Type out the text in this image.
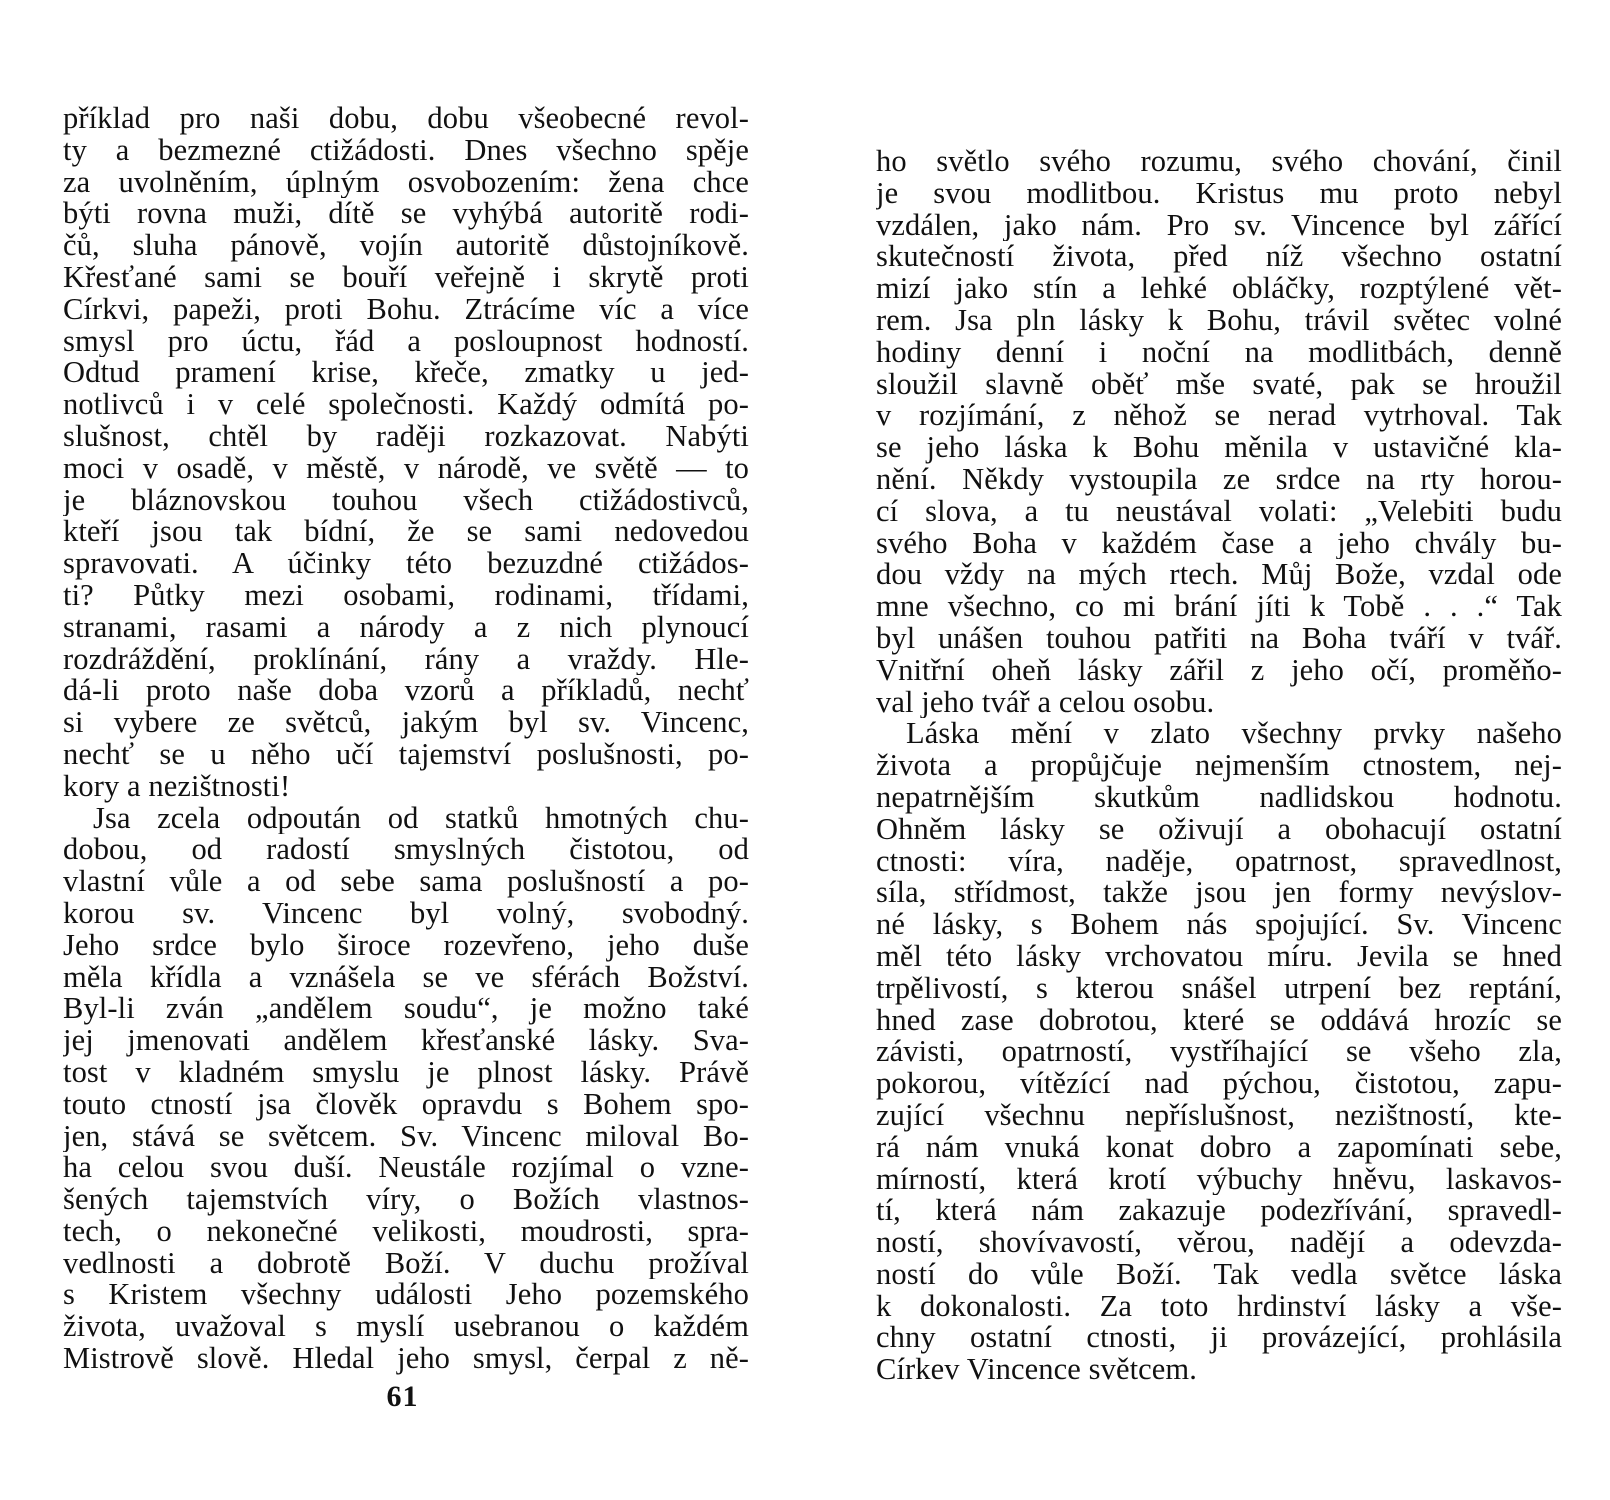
příklad pro naši dobu, dobu všeobecné revol-
ty a bezmezné ctižádosti. Dnes všechno spěje
za uvolněním, úplným osvobozením: žena chce
býti rovna muži, dítě se vyhýbá autoritě rodi-
čů, sluha pánově, vojín autoritě důstojníkově.
Křesťané sami se bouří veřejně i skrytě proti
Církvi, papeži, proti Bohu. Ztrácíme víc a více
smysl pro úctu, řád a posloupnost hodností.
Odtud pramení krise, křeče, zmatky u jed-
notlivců i v celé společnosti. Každý odmítá po-
slušnost, chtěl by raději rozkazovat. Nabýti
moci v osadě, v městě, v národě, ve světě — to
je bláznovskou touhou všech ctižádostivců,
kteří jsou tak bídní, že se sami nedovedou
spravovati. A účinky této bezuzdné ctižádos-
ti? Půtky mezi osobami, rodinami, třídami,
stranami, rasami a národy a z nich plynoucí
rozdráždění, proklínání, rány a vraždy. Hle-
dá-li proto naše doba vzorů a příkladů, nechť
si vybere ze světců, jakým byl sv. Vincenc,
nechť se u něho učí tajemství poslušnosti, po-
kory a nezištnosti!
Jsa zcela odpoután od statků hmotných chu-
dobou, od radostí smyslných čistotou, od
vlastní vůle a od sebe sama poslušností a po-
korou sv. Vincenc byl volný, svobodný.
Jeho srdce bylo široce rozevřeno, jeho duše
měla křídla a vznášela se ve sférách Božství.
Byl-li zván „andělem soudu“, je možno také
jej jmenovati andělem křesťanské lásky. Sva-
tost v kladném smyslu je plnost lásky. Právě
touto ctností jsa člověk opravdu s Bohem spo-
jen, stává se světcem. Sv. Vincenc miloval Bo-
ha celou svou duší. Neustále rozjímal o vzne-
šených tajemstvích víry, o Božích vlastnos-
tech, o nekonečné velikosti, moudrosti, spra-
vedlnosti a dobrotě Boží. V duchu prožíval
s Kristem všechny události Jeho pozemského
života, uvažoval s myslí usebranou o každém
Mistrově slově. Hledal jeho smysl, čerpal z ně-
61
ho světlo svého rozumu, svého chování, činil
je svou modlitbou. Kristus mu proto nebyl
vzdálen, jako nám. Pro sv. Vincence byl zářící
skutečností života, před níž všechno ostatní
mizí jako stín a lehké obláčky, rozptýlené vět-
rem. Jsa pln lásky k Bohu, trávil světec volné
hodiny denní i noční na modlitbách, denně
sloužil slavně oběť mše svaté, pak se hroužil
v rozjímání, z něhož se nerad vytrhoval. Tak
se jeho láska k Bohu měnila v ustavičné kla-
nění. Někdy vystoupila ze srdce na rty horou-
cí slova, a tu neustával volati: „Velebiti budu
svého Boha v každém čase a jeho chvály bu-
dou vždy na mých rtech. Můj Bože, vzdal ode
mne všechno, co mi brání jíti k Tobě . . .“ Tak
byl unášen touhou patřiti na Boha tváří v tvář.
Vnitřní oheň lásky zářil z jeho očí, proměňo-
val jeho tvář a celou osobu.
Láska mění v zlato všechny prvky našeho
života a propůjčuje nejmenším ctnostem, nej-
nepatrnějším skutkům nadlidskou hodnotu.
Ohněm lásky se oživují a obohacují ostatní
ctnosti: víra, naděje, opatrnost, spravedlnost,
síla, střídmost, takže jsou jen formy nevýslov-
né lásky, s Bohem nás spojující. Sv. Vincenc
měl této lásky vrchovatou míru. Jevila se hned
trpělivostí, s kterou snášel utrpení bez reptání,
hned zase dobrotou, které se oddává hrozíc se
závisti, opatrností, vystříhající se všeho zla,
pokorou, vítězící nad pýchou, čistotou, zapu-
zující všechnu nepříslušnost, nezištností, kte-
rá nám vnuká konat dobro a zapomínati sebe,
mírností, která krotí výbuchy hněvu, laskavos-
tí, která nám zakazuje podezřívání, spravedl-
ností, shovívavostí, věrou, nadějí a odevzda-
ností do vůle Boží. Tak vedla světce láska
k dokonalosti. Za toto hrdinství lásky a vše-
chny ostatní ctnosti, ji provázející, prohlásila
Církev Vincence světcem.
